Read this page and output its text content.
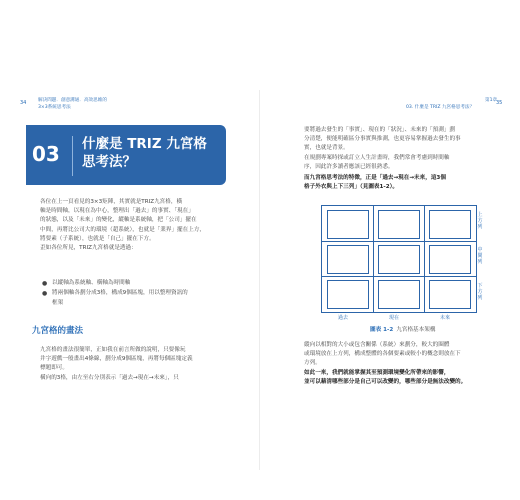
34	解決問題．創意溝通．高效思維的
3×3系統思考法
03 什麼是 TRIZ 九宮格
思考法？
各位在上一頁看見的3×3矩陣，其實就是TRIZ九宮格，橫
軸是時間軸，以現在為中心，整理出「過去」的事實、「現在」
的狀態，以及「未來」的變化，縱軸是系統軸，把「公司」擺在
中間，再將比公司大的環境（超系統），也就是「業界」擺在上方，
將要素（子系統），也就是「自己」擺在下方。
歪如各位所見，TRIZ九宮格就是透過：
● 以縱軸為系統軸、橫軸為時間軸
● 將兩個軸各劃分成3格，構成9個區塊，用以整理資訊的
框架
九宮格的畫法
九宮格的畫法很簡單，正如我在前言所做的說明，只要像玩
井字遊戲一般畫出4條線，劃分成9個區塊，再將每個區塊定義
標題即可。
橫向的3格，由左至右分別表示「過去→現在→未來」，只
第1章
03. 什麼是 TRIZ 九宮格思考法？
35
要將過去發生的「事實」、現在的「狀況」、未來的「預測」劃
分清楚，便能明確區分事實與推測，也更容易掌握過去發生的事
實，也就是背景。
在規劃專案時探或訂立人生計畫時，我們常會考慮到時間軸
序，因此許多讀者應該已經很熟悉。
而九宮格思考法的特徵，正是「過去→現在→未來，這3個
格子外衣與上下三列」（見圖表1-2）。
上方列
中間列
下方列
過去	現在	未來
圖表 1-2 九宮格基本架構
縱向以相對的大小或包含關係（系統）來劃分，較大的圈體
或環境放在上方列，構成整體的各個要素或較小的概念則放在下
方列。
如此一來，我們就能掌握其至預測環境變化所帶來的影響，
並可以藉清哪些部分是自己可以改變的，哪些部分是無法改變的。
